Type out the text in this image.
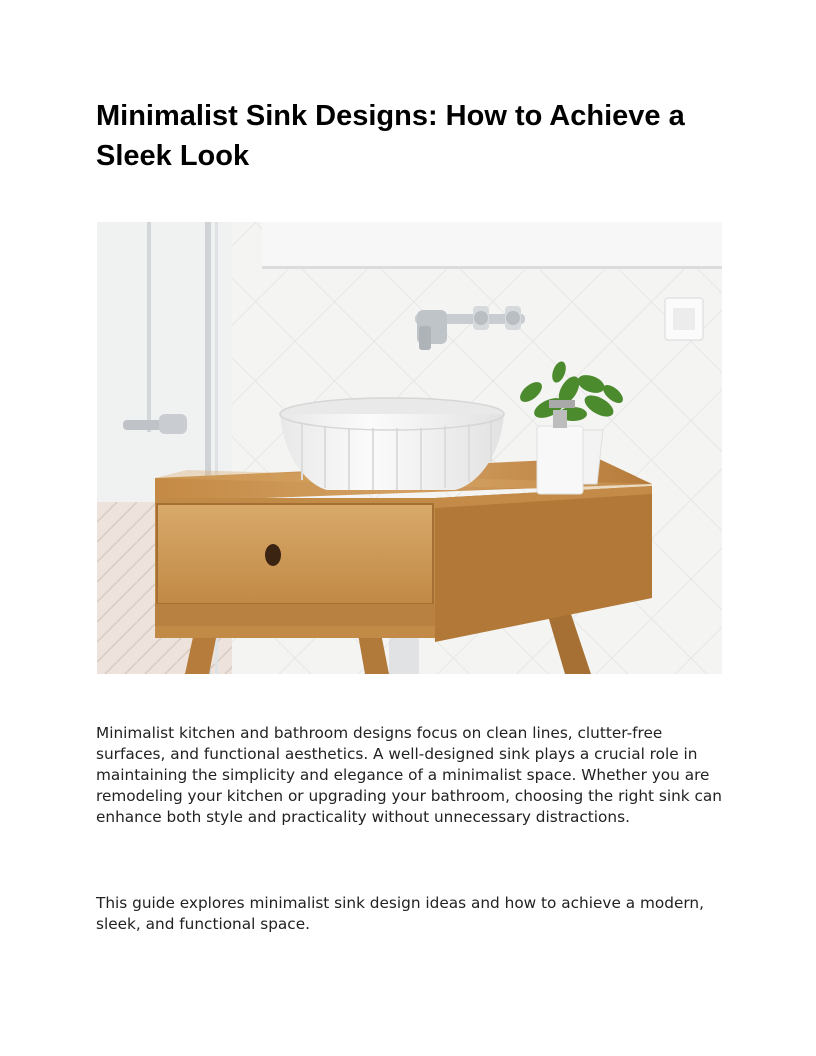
Minimalist Sink Designs: How to Achieve a Sleek Look

Minimalist kitchen and bathroom designs focus on clean lines, clutter-free surfaces, and functional aesthetics. A well-designed sink plays a crucial role in maintaining the simplicity and elegance of a minimalist space. Whether you are remodeling your kitchen or upgrading your bathroom, choosing the right sink can enhance both style and practicality without unnecessary distractions.

This guide explores minimalist sink design ideas and how to achieve a modern, sleek, and functional space.
